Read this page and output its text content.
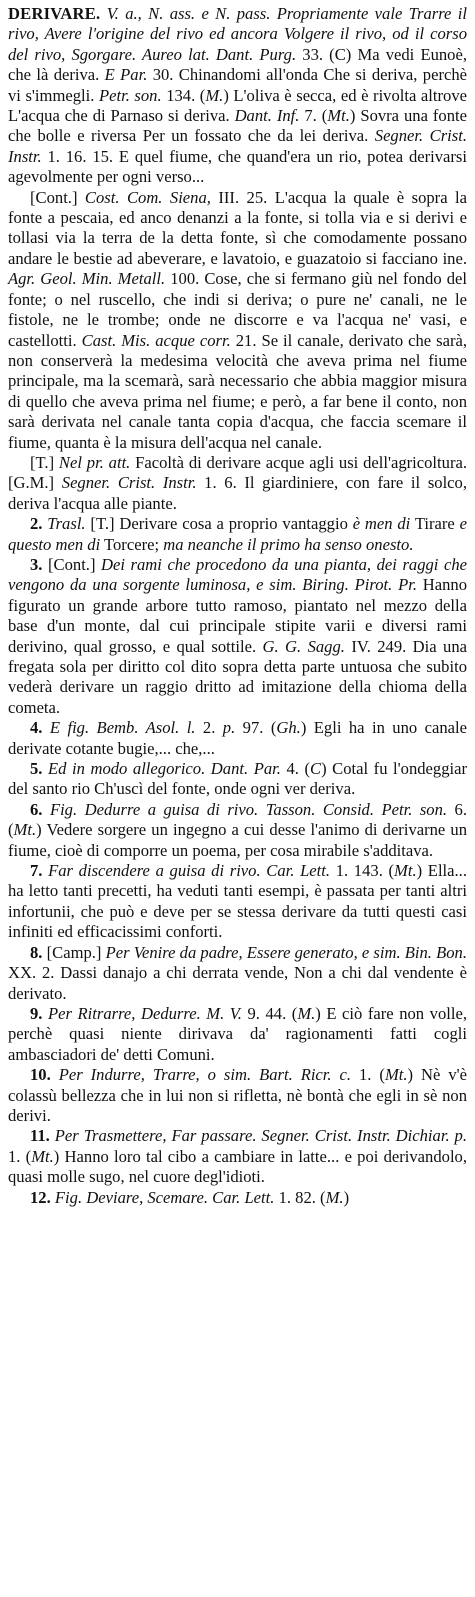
DERIVARE. V. a., N. ass. e N. pass. Propriamente vale Trarre il rivo, Avere l'origine del rivo ed ancora Volgere il rivo, od il corso del rivo, Sgorgare. Aureo lat. Dant. Purg. 33. (C) Ma vedi Eunoè, che là deriva. E Par. 30. Chinandomi all'onda Che si deriva, perchè vi s'immegli. Petr. son. 134. (M.) L'oliva è secca, ed è rivolta altrove L'acqua che di Parnaso si deriva. Dant. Inf. 7. (Mt.) Sovra una fonte che bolle e riversa Per un fossato che da lei deriva. Segner. Crist. Instr. 1. 16. 15. E quel fiume, che quand'era un rio, potea derivarsi agevolmente per ogni verso...

[Cont.] Cost. Com. Siena, III. 25. L'acqua la quale è sopra la fonte a pescaia, ed anco denanzi a la fonte, si tolla via e si derivi e tollasi via la terra de la detta fonte, sì che comodamente possano andare le bestie ad abeverare, e lavatoio, e guazatoio si facciano ine. Agr. Geol. Min. Metall. 100. Cose, che si fermano giù nel fondo del fonte; o nel ruscello, che indi si deriva; o pure ne' canali, ne le fistole, ne le trombe; onde ne discorre e va l'acqua ne' vasi, e castellotti. Cast. Mis. acque corr. 21. Se il canale, derivato che sarà, non conserverà la medesima velocità che aveva prima nel fiume principale, ma la scemarà, sarà necessario che abbia maggior misura di quello che aveva prima nel fiume; e però, a far bene il conto, non sarà derivata nel canale tanta copia d'acqua, che faccia scemare il fiume, quanta è la misura dell'acqua nel canale.

[T.] Nel pr. att. Facoltà di derivare acque agli usi dell'agricoltura. [G.M.] Segner. Crist. Instr. 1. 6. Il giardiniere, con fare il solco, deriva l'acqua alle piante.

2. Trasl. [T.] Derivare cosa a proprio vantaggio è men di Tirare e questo men di Torcere; ma neanche il primo ha senso onesto.

3. [Cont.] Dei rami che procedono da una pianta, dei raggi che vengono da una sorgente luminosa, e sim. Biring. Pirot. Pr. Hanno figurato un grande arbore tutto ramoso, piantato nel mezzo della base d'un monte, dal cui principale stipite varii e diversi rami derivino, qual grosso, e qual sottile. G. G. Sagg. IV. 249. Dia una fregata sola per diritto col dito sopra detta parte untuosa che subito vederà derivare un raggio dritto ad imitazione della chioma della cometa.

4. E fig. Bemb. Asol. l. 2. p. 97. (Gh.) Egli ha in uno canale derivate cotante bugie,... che,...

5. Ed in modo allegorico. Dant. Par. 4. (C) Cotal fu l'ondeggiar del santo rio Ch'uscì del fonte, onde ogni ver deriva.

6. Fig. Dedurre a guisa di rivo. Tasson. Consid. Petr. son. 6. (Mt.) Vedere sorgere un ingegno a cui desse l'animo di derivarne un fiume, cioè di comporre un poema, per cosa mirabile s'additava.

7. Far discendere a guisa di rivo. Car. Lett. 1. 143. (Mt.) Ella... ha letto tanti precetti, ha veduti tanti esempi, è passata per tanti altri infortunii, che può e deve per se stessa derivare da tutti questi casi infiniti ed efficacissimi conforti.

8. [Camp.] Per Venire da padre, Essere generato, e sim. Bin. Bon. XX. 2. Dassi danajo a chi derrata vende, Non a chi dal vendente è derivato.

9. Per Ritrarre, Dedurre. M. V. 9. 44. (M.) E ciò fare non volle, perchè quasi niente dirivava da' ragionamenti fatti cogli ambasciadori de' detti Comuni.

10. Per Indurre, Trarre, o sim. Bart. Ricr. c. 1. (Mt.) Nè v'è colassù bellezza che in lui non si rifletta, nè bontà che egli in sè non derivi.

11. Per Trasmettere, Far passare. Segner. Crist. Instr. Dichiar. p. 1. (Mt.) Hanno loro tal cibo a cambiare in latte... e poi derivandolo, quasi molle sugo, nel cuore degl'idioti.

12. Fig. Deviare, Scemare. Car. Lett. 1. 82. (M.)
